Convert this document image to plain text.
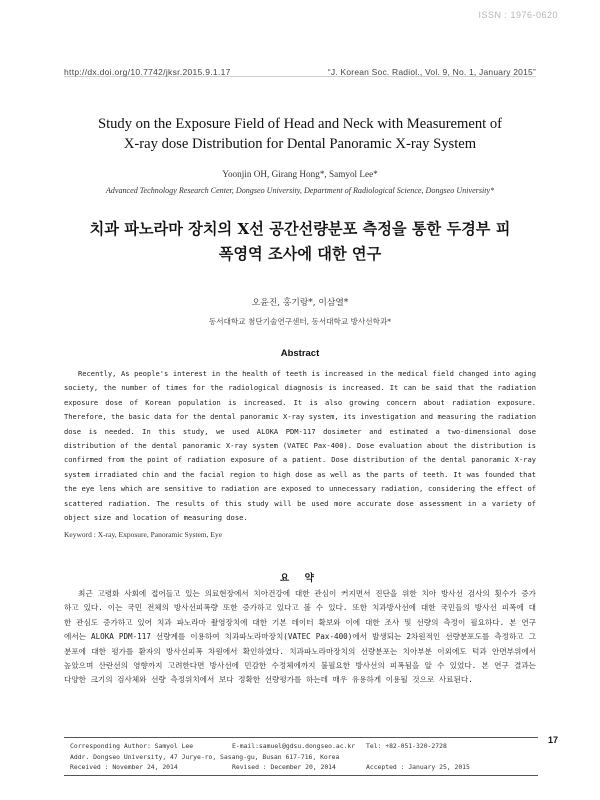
ISSN : 1976-0620
http://dx.doi.org/10.7742/jksr.2015.9.1.17	“J. Korean Soc. Radiol., Vol. 9, No. 1, January 2015”
Study on the Exposure Field of Head and Neck with Measurement of
X-ray dose Distribution for Dental Panoramic X-ray System
Yoonjin OH, Girang Hong*, Samyol Lee*
Advanced Technology Research Center, Dongseo University, Department of Radiological Science, Dongseo University*
치과 파노라마 장치의 X선 공간선량분포 측정을 통한 두경부 피
폭영역 조사에 대한 연구
오윤진, 홍기랑*, 이삼열*
동서대학교 첨단기술연구센터, 동서대학교 방사선학과*
Abstract

Recently, As people's interest in the health of teeth is increased in the medical field changed into aging society, the number of times for the radiological diagnosis is increased. It can be said that the radiation exposure dose of Korean population is increased. It is also growing concern about radiation exposure. Therefore, the basic data for the dental panoramic X-ray system, its investigation and measuring the radiation dose is needed. In this study, we used ALOKA PDM-117 dosimeter and estimated a two-dimensional dose distribution of the dental panoramic X-ray system (VATEC Pax-400). Dose evaluation about the distribution is confirmed from the point of radiation exposure of a patient. Dose distribution of the dental panoramic X-ray system irradiated chin and the facial region to high dose as well as the parts of teeth. It was founded that the eye lens which are sensitive to radiation are exposed to unnecessary radiation, considering the effect of scattered radiation. The results of this study will be used more accurate dose assessment in a variety of object size and location of measuring dose.

Keyword : X-ray, Exposure, Panoramic System, Eye
요 약

최근 고령화 사회에 접어들고 있는 의료현장에서 치아건강에 대한 관심이 커지면서 진단을 위한 치아 방사선 검사의 횟수가 증가하고 있다. 이는 국민 전체의 방사선피폭량 또한 증가하고 있다고 볼 수 있다. 또한 치과방사선에 대한 국민들의 방사선 피폭에 대한 관심도 증가하고 있어 치과 파노라마 촬영장치에 대한 기본 데이터 확보와 이에 대한 조사 및 선량의 측정이 필요하다. 본 연구에서는 ALOKA PDM-117 선량계를 이용하여 치과파노라마장치(VATEC Pax-400)에서 발생되는 2차원적인 선량분포도를 측정하고 그 분포에 대한 평가를 환자의 방사선피폭 차원에서 확인하였다. 치과파노라마장치의 선량분포는 치아부분 이외에도 턱과 안면부위에서 높았으며 산란선의 영향까지 고려한다면 방사선에 민감한 수정체에까지 불필요한 방사선의 피폭됨을 알 수 있었다. 본 연구 결과는 다양한 크기의 검사체와 선량 측정위치에서 보다 정확한 선량평가를 하는데 매우 유용하게 이용될 것으로 사료된다.

Corresponding Author: Samyol Lee	E-mail:samuel@gdsu.dongseo.ac.kr Tel: +82-051-320-2728
Addr. Dongseo University, 47 Jurye-ro, Sasang-gu, Busan 617-716, Korea
Received : November 24, 2014	Revised : December 20, 2014	Accepted : January 25, 2015
17
